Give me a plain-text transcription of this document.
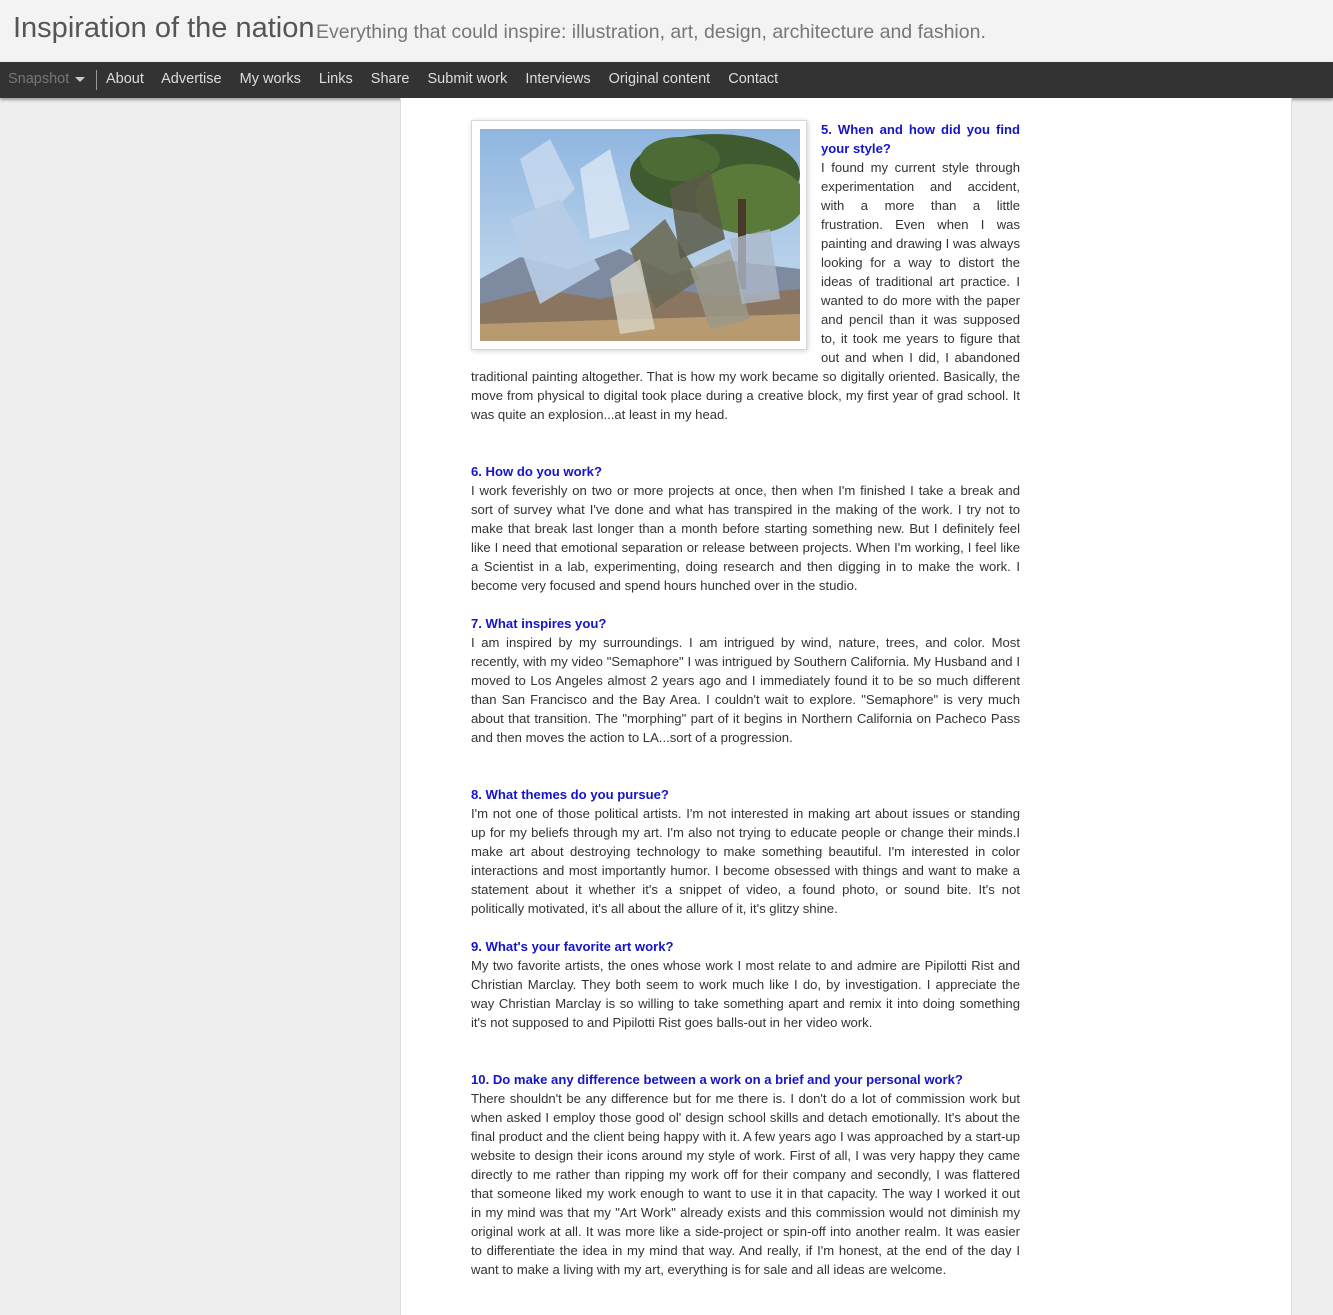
Inspiration of the nation Everything that could inspire: illustration, art, design, architecture and fashion.
Snapshot	About Advertise My works Links Share Submit work Interviews Original content Contact

5. When and how did you find your style?
I found my current style through experimentation and accident, with a more than a little frustration. Even when I was painting and drawing I was always looking for a way to distort the ideas of traditional art practice. I wanted to do more with the paper and pencil than it was supposed to, it took me years to figure that out and when I did, I abandoned traditional painting altogether. That is how my work became so digitally oriented. Basically, the move from physical to digital took place during a creative block, my first year of grad school. It was quite an explosion...at least in my head.

6. How do you work?
I work feverishly on two or more projects at once, then when I'm finished I take a break and sort of survey what I've done and what has transpired in the making of the work. I try not to make that break last longer than a month before starting something new. But I definitely feel like I need that emotional separation or release between projects. When I'm working, I feel like a Scientist in a lab, experimenting, doing research and then digging in to make the work. I become very focused and spend hours hunched over in the studio.

7. What inspires you?
I am inspired by my surroundings. I am intrigued by wind, nature, trees, and color. Most recently, with my video "Semaphore" I was intrigued by Southern California. My Husband and I moved to Los Angeles almost 2 years ago and I immediately found it to be so much different than San Francisco and the Bay Area. I couldn't wait to explore. "Semaphore" is very much about that transition. The "morphing" part of it begins in Northern California on Pacheco Pass and then moves the action to LA...sort of a progression.

8. What themes do you pursue?
I'm not one of those political artists. I'm not interested in making art about issues or standing up for my beliefs through my art. I'm also not trying to educate people or change their minds.I make art about destroying technology to make something beautiful. I'm interested in color interactions and most importantly humor. I become obsessed with things and want to make a statement about it whether it's a snippet of video, a found photo, or sound bite. It's not politically motivated, it's all about the allure of it, it's glitzy shine.

9. What's your favorite art work?
My two favorite artists, the ones whose work I most relate to and admire are Pipilotti Rist and Christian Marclay. They both seem to work much like I do, by investigation. I appreciate the way Christian Marclay is so willing to take something apart and remix it into doing something it's not supposed to and Pipilotti Rist goes balls-out in her video work.

10. Do make any difference between a work on a brief and your personal work?
There shouldn't be any difference but for me there is. I don't do a lot of commission work but when asked I employ those good ol' design school skills and detach emotionally. It's about the final product and the client being happy with it. A few years ago I was approached by a start-up website to design their icons around my style of work. First of all, I was very happy they came directly to me rather than ripping my work off for their company and secondly, I was flattered that someone liked my work enough to want to use it in that capacity. The way I worked it out in my mind was that my "Art Work" already exists and this commission would not diminish my original work at all. It was more like a side-project or spin-off into another realm. It was easier to differentiate the idea in my mind that way. And really, if I'm honest, at the end of the day I want to make a living with my art, everything is for sale and all ideas are welcome.
